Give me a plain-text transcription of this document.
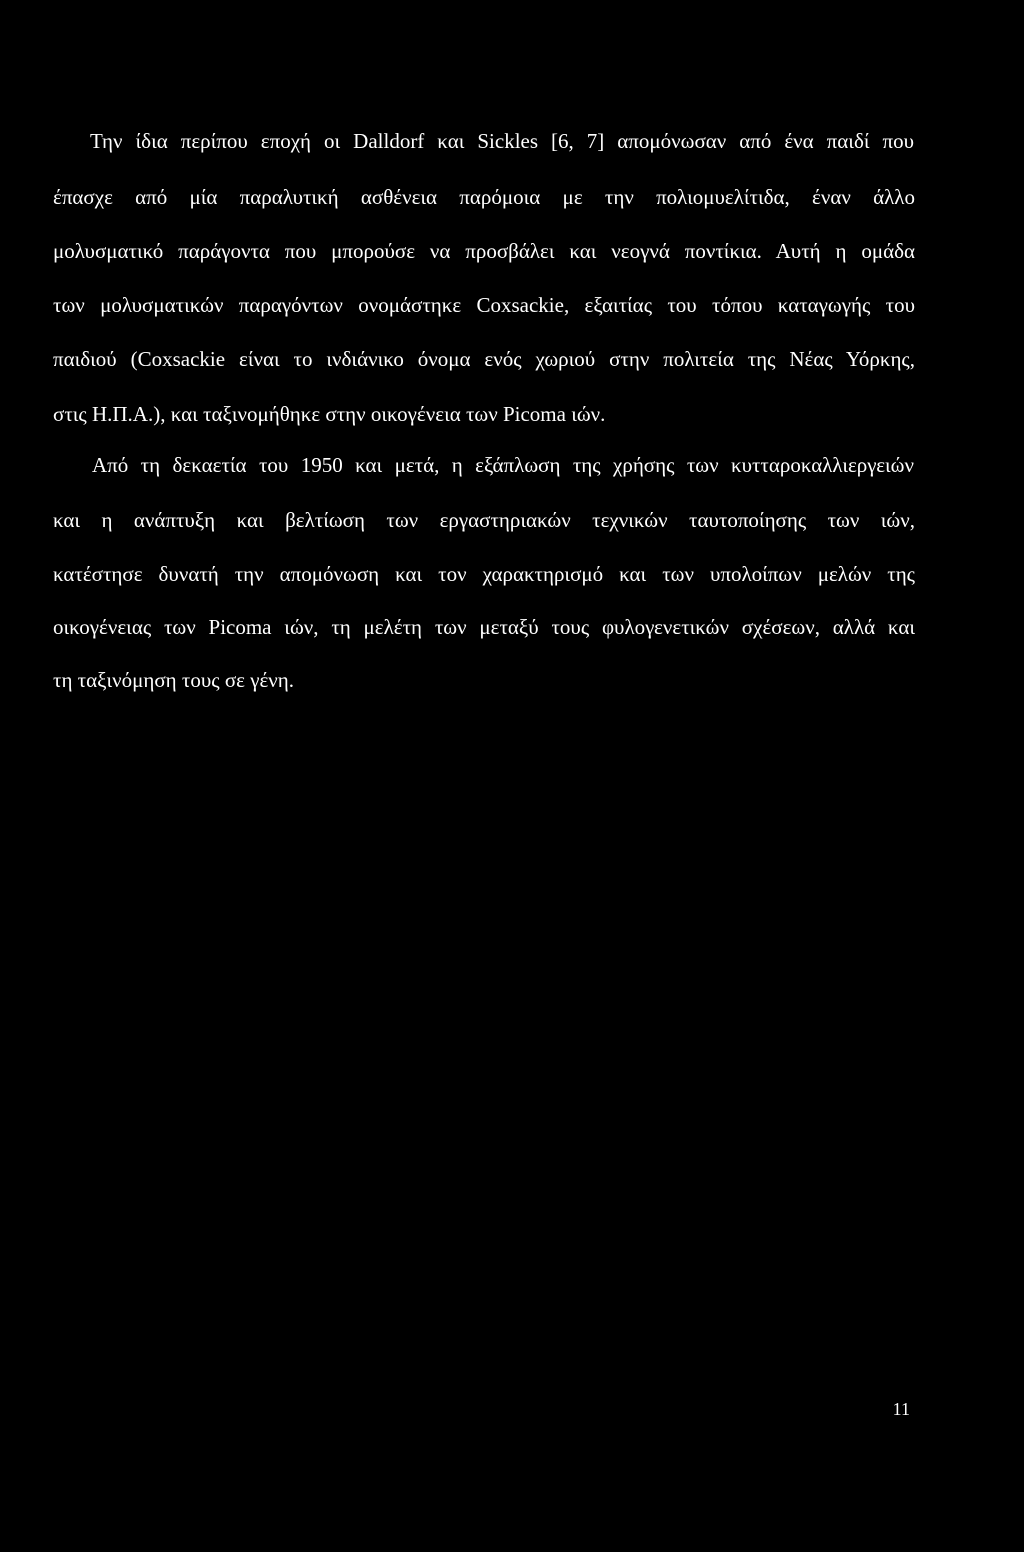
Την ίδια περίπου εποχή οι Dalldorf και Sickles [6, 7] απομόνωσαν από ένα παιδί που
έπασχε από μία παραλυτική ασθένεια παρόμοια με την πολιομυελίτιδα, έναν άλλο
μολυσματικό παράγοντα που μπορούσε να προσβάλει και νεογνά ποντίκια. Αυτή η ομάδα
των μολυσματικών παραγόντων ονομάστηκε Coxsackie, εξαιτίας του τόπου καταγωγής του
παιδιού (Coxsackie είναι το ινδιάνικο όνομα ενός χωριού στην πολιτεία της Νέας Υόρκης,
στις Η.Π.Α.), και ταξινομήθηκε στην οικογένεια των Picoma ιών.
Από τη δεκαετία του 1950 και μετά, η εξάπλωση της χρήσης των κυτταροκαλλιεργειών
και η ανάπτυξη και βελτίωση των εργαστηριακών τεχνικών ταυτοποίησης των ιών,
κατέστησε δυνατή την απομόνωση και τον χαρακτηρισμό και των υπολοίπων μελών της
οικογένειας των Picoma ιών, τη μελέτη των μεταξύ τους φυλογενετικών σχέσεων, αλλά και
τη ταξινόμηση τους σε γένη.
11
